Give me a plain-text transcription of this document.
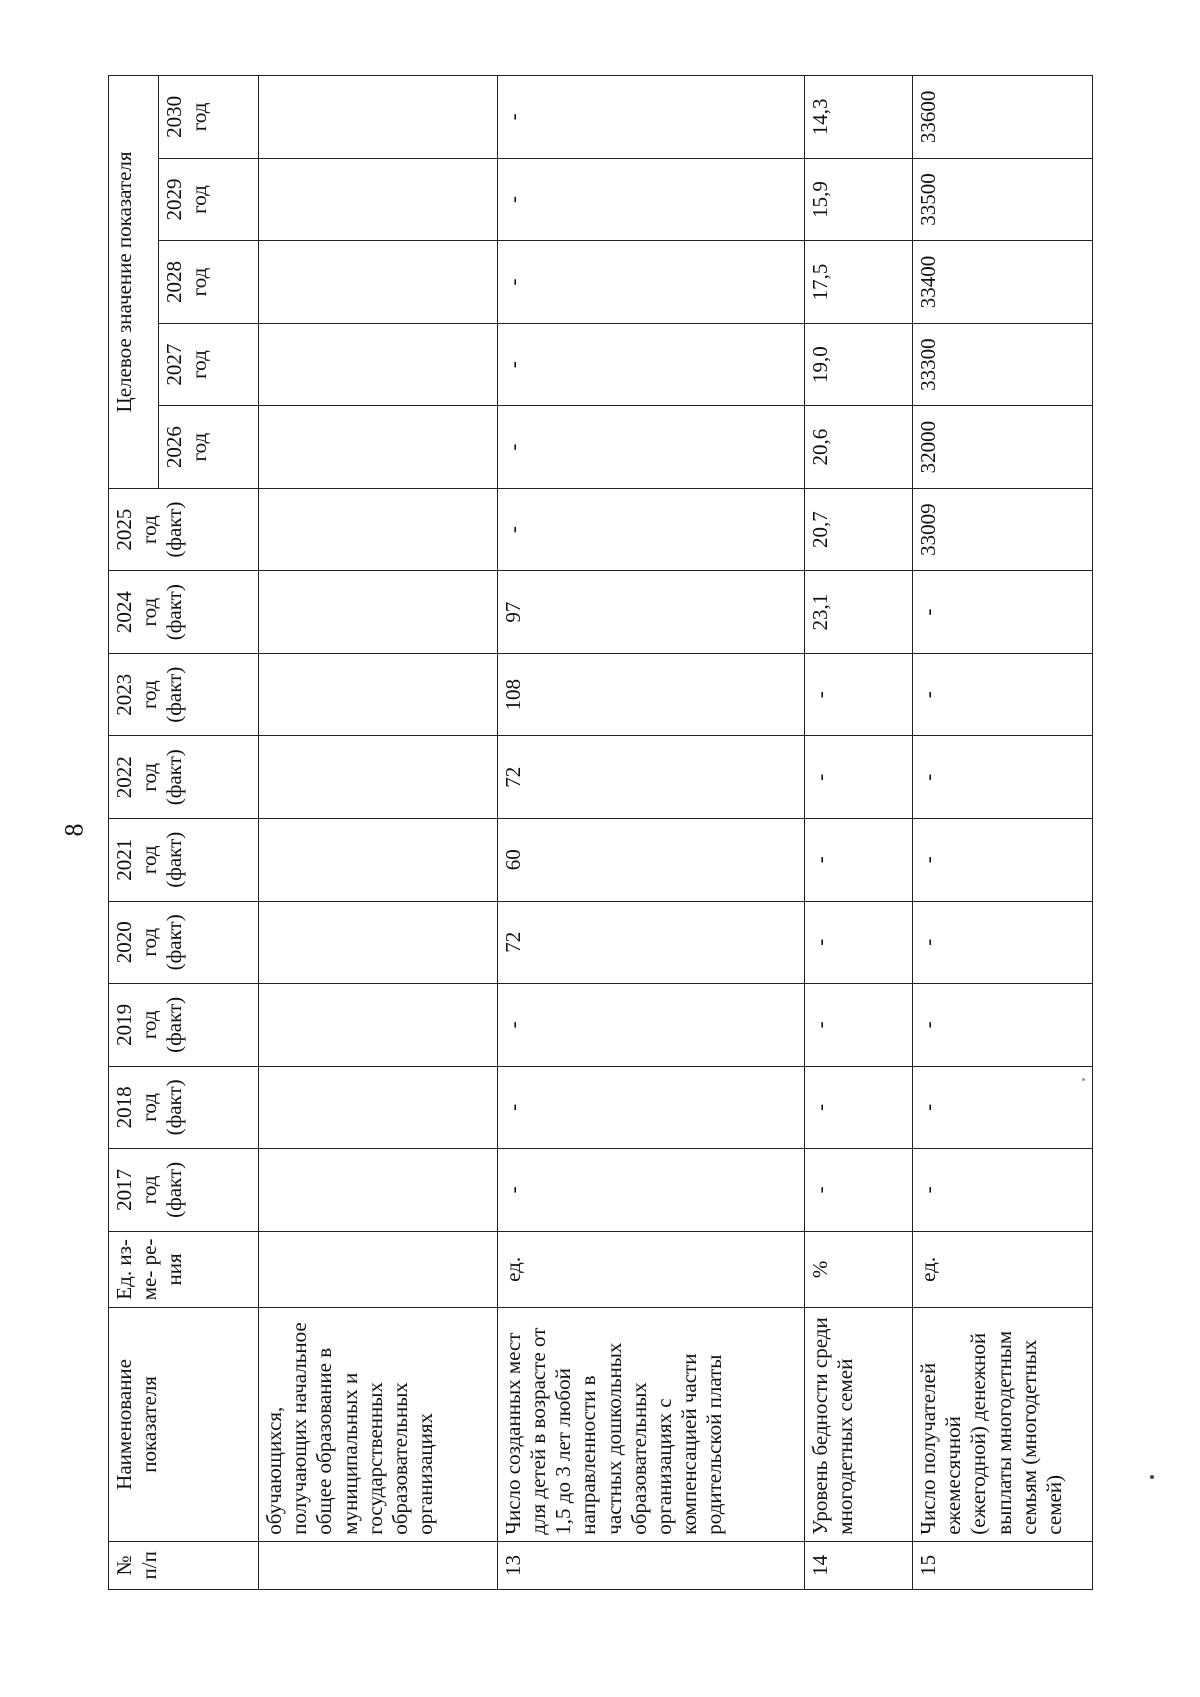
8
№ п/п	Наименование показателя	Ед. из- ме- ре- ния	2017 год (факт)	2018 год (факт)	2019 год (факт)	2020 год (факт)	2021 год (факт)	2022 год (факт)	2023 год (факт)	2024 год (факт)	2025 год (факт)	Целевое значение показателя				
												2026 год	2027 год	2028 год	2029 год	2030 год
	обучающихся, получающих начальное общее образование в муниципальных и государственных образовательных организациях															
13	Число созданных мест для детей в возрасте от 1,5 до 3 лет любой направленности в частных дошкольных образовательных организациях с компенсацией части родительской платы	ед.	-	-	-	72	60	72	108	97	-	-	-	-	-	-
14	Уровень бедности среди многодетных семей	%	-	-	-	-	-	-	-	23,1	20,7	20,6	19,0	17,5	15,9	14,3
15	Число получателей ежемесячной (ежегодной) денежной выплаты многодетным семьям (многодетных семей)	ед.	-	-	-	-	-	-	-	-	33009	32000	33300	33400	33500	33600
